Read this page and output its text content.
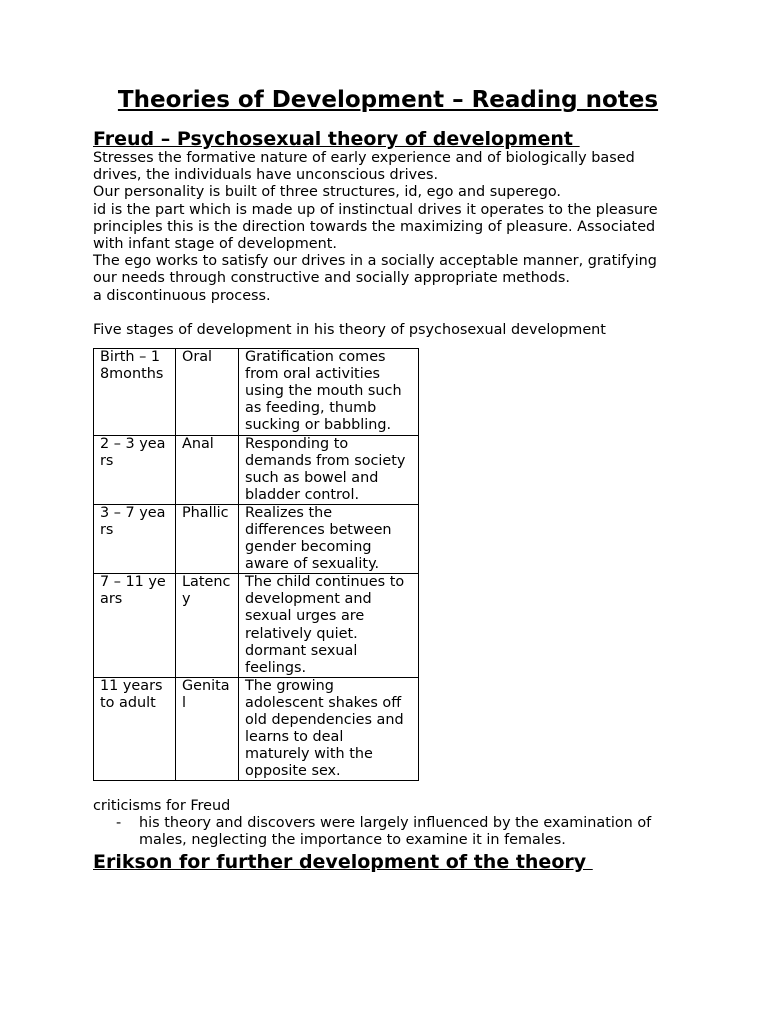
Theories of Development – Reading notes
Freud – Psychosexual theory of development

Stresses the formative nature of early experience and of biologically based drives, the individuals have unconscious drives.

Our personality is built of three structures, id, ego and superego.

id is the part which is made up of instinctual drives it operates to the pleasure principles this is the direction towards the maximizing of pleasure. Associated with infant stage of development.

The ego works to satisfy our drives in a socially acceptable manner, gratifying our needs through constructive and socially appropriate methods.

a discontinuous process.

Five stages of development in his theory of psychosexual development

Birth – 18months	Oral	Gratification comes from oral activities using the mouth such as feeding, thumb sucking or babbling.
2 – 3 years	Anal	Responding to demands from society such as bowel and bladder control.
3 – 7 years	Phallic	Realizes the differences between gender becoming aware of sexuality.
7 – 11 years	Latency	The child continues to development and sexual urges are relatively quiet. dormant sexual feelings.
11 years to adult	Genital	The growing adolescent shakes off old dependencies and learns to deal maturely with the opposite sex.

criticisms for Freud

- his theory and discovers were largely influenced by the examination of males, neglecting the importance to examine it in females.
Erikson for further development of the theory
